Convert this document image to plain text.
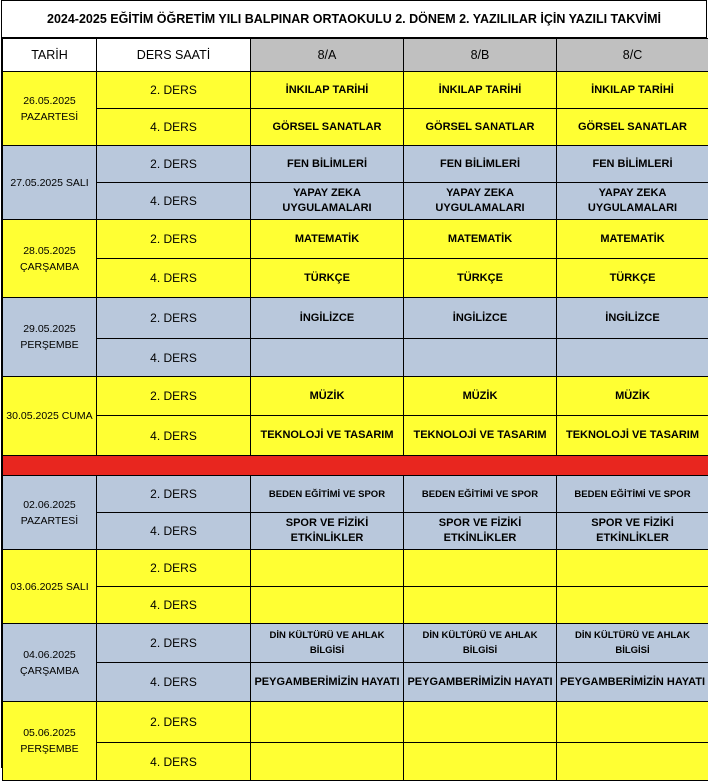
2024-2025 EĞİTİM ÖĞRETİM YILI BALPINAR ORTAOKULU 2. DÖNEM 2. YAZILILAR İÇİN YAZILI TAKVİMİ
TARİH	DERS SAATİ	8/A	8/B	8/C

26.05.2025
PAZARTESİ	2. DERS	İNKILAP TARİHİ	İNKILAP TARİHİ	İNKILAP TARİHİ
	4. DERS	GÖRSEL SANATLAR	GÖRSEL SANATLAR	GÖRSEL SANATLAR

27.05.2025 SALI	2. DERS	FEN BİLİMLERİ	FEN BİLİMLERİ	FEN BİLİMLERİ
	4. DERS	YAPAY ZEKA UYGULAMALARI	YAPAY ZEKA UYGULAMALARI	YAPAY ZEKA UYGULAMALARI

28.05.2025
ÇARŞAMBA	2. DERS	MATEMATİK	MATEMATİK	MATEMATİK
	4. DERS	TÜRKÇE	TÜRKÇE	TÜRKÇE

29.05.2025
PERŞEMBE	2. DERS	İNGİLİZCE	İNGİLİZCE	İNGİLİZCE
	4. DERS			

30.05.2025 CUMA	2. DERS	MÜZİK	MÜZİK	MÜZİK
	4. DERS	TEKNOLOJİ VE TASARIM	TEKNOLOJİ VE TASARIM	TEKNOLOJİ VE TASARIM

02.06.2025
PAZARTESİ	2. DERS	BEDEN EĞİTİMİ VE SPOR	BEDEN EĞİTİMİ VE SPOR	BEDEN EĞİTİMİ VE SPOR
	4. DERS	SPOR VE FİZİKİ ETKİNLİKLER	SPOR VE FİZİKİ ETKİNLİKLER	SPOR VE FİZİKİ ETKİNLİKLER

03.06.2025 SALI	2. DERS			
	4. DERS			

04.06.2025
ÇARŞAMBA	2. DERS	DİN KÜLTÜRÜ VE AHLAK BİLGİSİ	DİN KÜLTÜRÜ VE AHLAK BİLGİSİ	DİN KÜLTÜRÜ VE AHLAK BİLGİSİ
	4. DERS	PEYGAMBERİMİZİN HAYATI	PEYGAMBERİMİZİN HAYATI	PEYGAMBERİMİZİN HAYATI

05.06.2025
PERŞEMBE	2. DERS			
	4. DERS			
